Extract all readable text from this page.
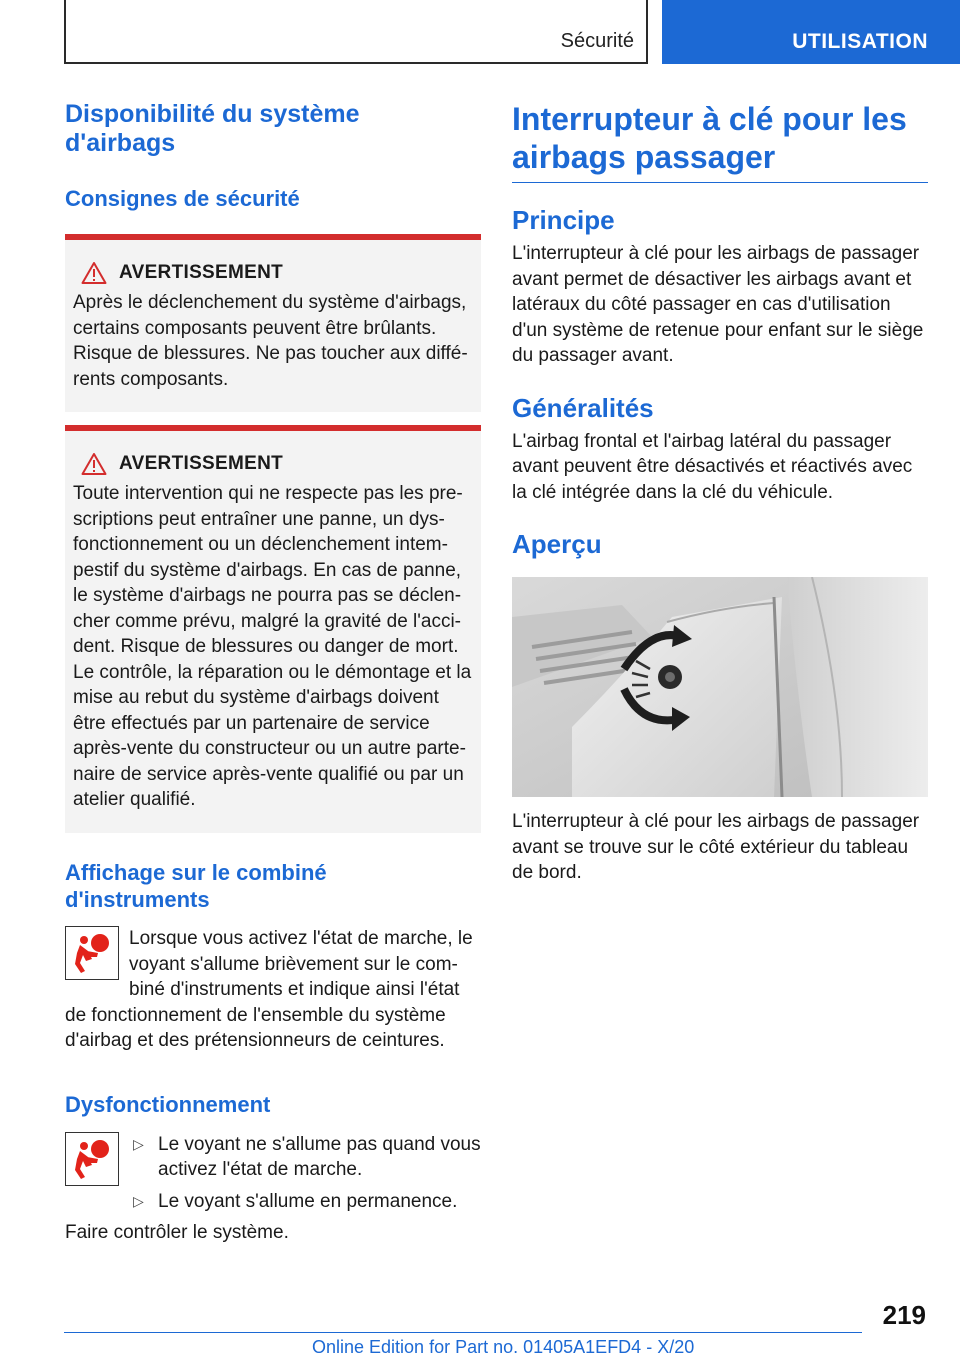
Sécurité	UTILISATION
Disponibilité du système d'airbags
Consignes de sécurité
AVERTISSEMENT

Après le déclenchement du système d'airbags, certains composants peuvent être brûlants. Risque de blessures. Ne pas toucher aux différents composants.

AVERTISSEMENT

Toute intervention qui ne respecte pas les prescriptions peut entraîner une panne, un dysfonctionnement ou un déclenchement intempestif du système d'airbags. En cas de panne, le système d'airbags ne pourra pas se déclencher comme prévu, malgré la gravité de l'accident. Risque de blessures ou danger de mort. Le contrôle, la réparation ou le démontage et la mise au rebut du système d'airbags doivent être effectués par un partenaire de service après-vente du constructeur ou un autre partenaire de service après-vente qualifié ou par un atelier qualifié.

Affichage sur le combiné d'instruments

Lorsque vous activez l'état de marche, le voyant s'allume brièvement sur le combiné d'instruments et indique ainsi l'état de fonctionnement de l'ensemble du système d'airbag et des prétensionneurs de ceintures.

Dysfonctionnement
▷ Le voyant ne s'allume pas quand vous activez l'état de marche.
▷ Le voyant s'allume en permanence.

Faire contrôler le système.

Interrupteur à clé pour les airbags passager
Principe

L'interrupteur à clé pour les airbags de passager avant permet de désactiver les airbags avant et latéraux du côté passager en cas d'utilisation d'un système de retenue pour enfant sur le siège du passager avant.

Généralités

L'airbag frontal et l'airbag latéral du passager avant peuvent être désactivés et réactivés avec la clé intégrée dans la clé du véhicule.

Aperçu

L'interrupteur à clé pour les airbags de passager avant se trouve sur le côté extérieur du tableau de bord.

219
Online Edition for Part no. 01405A1EFD4 - X/20
